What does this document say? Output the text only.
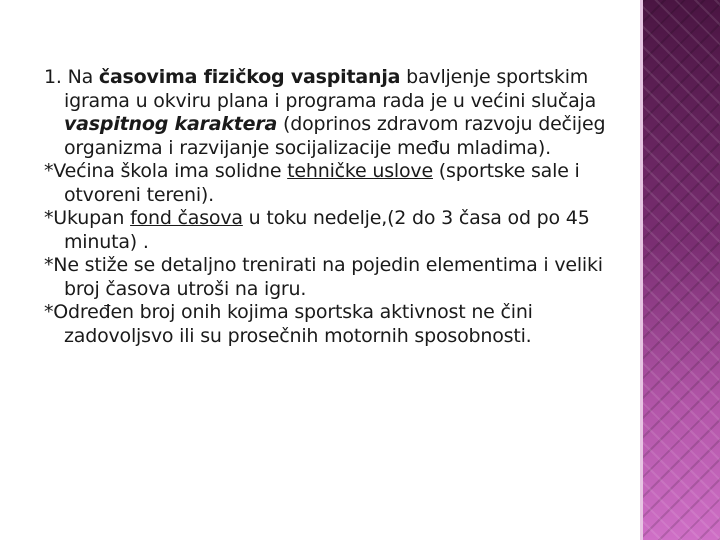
1. Na časovima fizičkog vaspitanja bavljenje sportskim igrama u okviru plana i programa rada je u većini slučaja vaspitnog karaktera (doprinos zdravom razvoju dečijeg organizma i razvijanje socijalizacije među mladima).

*Većina škola ima solidne tehničke uslove (sportske sale i otvoreni tereni).

*Ukupan fond časova u toku nedelje,(2 do 3 časa od po 45 minuta) .

*Ne stiže se detaljno trenirati na pojedin elementima i veliki broj časova utroši na igru.

*Određen broj onih kojima sportska aktivnost ne čini zadovoljsvo ili su prosečnih motornih sposobnosti.
